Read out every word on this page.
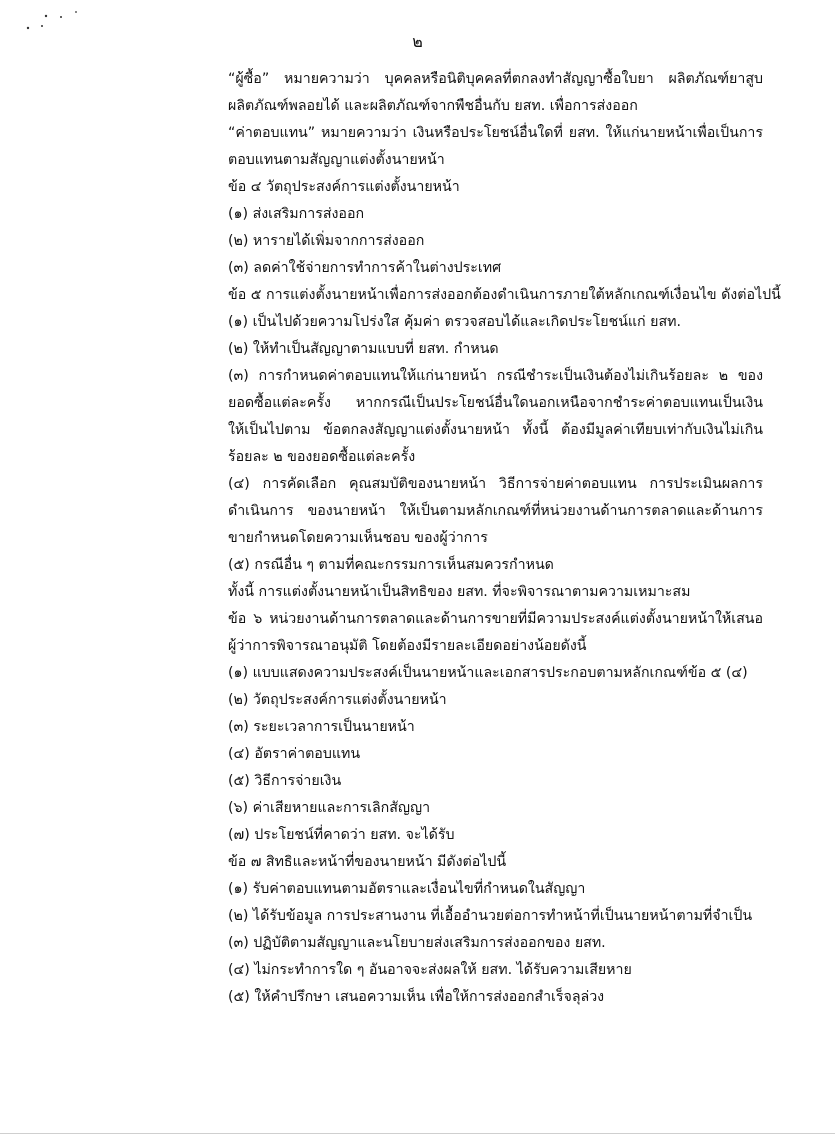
๒
“ผู้ซื้อ” หมายความว่า บุคคลหรือนิติบุคคลที่ตกลงทำสัญญาซื้อใบยา ผลิตภัณฑ์ยาสูบ ผลิตภัณฑ์พลอยได้ และผลิตภัณฑ์จากพืชอื่นกับ ยสท. เพื่อการส่งออก
“ค่าตอบแทน” หมายความว่า เงินหรือประโยชน์อื่นใดที่ ยสท. ให้แก่นายหน้าเพื่อเป็นการ ตอบแทนตามสัญญาแต่งตั้งนายหน้า
ข้อ ๔ วัตถุประสงค์การแต่งตั้งนายหน้า
(๑) ส่งเสริมการส่งออก
(๒) หารายได้เพิ่มจากการส่งออก
(๓) ลดค่าใช้จ่ายการทำการค้าในต่างประเทศ
ข้อ ๕ การแต่งตั้งนายหน้าเพื่อการส่งออกต้องดำเนินการภายใต้หลักเกณฑ์เงื่อนไข ดังต่อไปนี้
(๑) เป็นไปด้วยความโปร่งใส คุ้มค่า ตรวจสอบได้และเกิดประโยชน์แก่ ยสท.
(๒) ให้ทำเป็นสัญญาตามแบบที่ ยสท. กำหนด
(๓) การกำหนดค่าตอบแทนให้แก่นายหน้า กรณีชำระเป็นเงินต้องไม่เกินร้อยละ ๒ ของยอดซื้อแต่ละครั้ง หากกรณีเป็นประโยชน์อื่นใดนอกเหนือจากชำระค่าตอบแทนเป็นเงิน ให้เป็นไปตาม ข้อตกลงสัญญาแต่งตั้งนายหน้า ทั้งนี้ ต้องมีมูลค่าเทียบเท่ากับเงินไม่เกินร้อยละ ๒ ของยอดซื้อแต่ละครั้ง
(๔) การคัดเลือก คุณสมบัติของนายหน้า วิธีการจ่ายค่าตอบแทน การประเมินผลการดำเนินการ ของนายหน้า ให้เป็นตามหลักเกณฑ์ที่หน่วยงานด้านการตลาดและด้านการขายกำหนดโดยความเห็นชอบ ของผู้ว่าการ
(๕) กรณีอื่น ๆ ตามที่คณะกรรมการเห็นสมควรกำหนด
ทั้งนี้ การแต่งตั้งนายหน้าเป็นสิทธิของ ยสท. ที่จะพิจารณาตามความเหมาะสม
ข้อ ๖ หน่วยงานด้านการตลาดและด้านการขายที่มีความประสงค์แต่งตั้งนายหน้าให้เสนอ ผู้ว่าการพิจารณาอนุมัติ โดยต้องมีรายละเอียดอย่างน้อยดังนี้
(๑) แบบแสดงความประสงค์เป็นนายหน้าและเอกสารประกอบตามหลักเกณฑ์ข้อ ๕ (๔)
(๒) วัตถุประสงค์การแต่งตั้งนายหน้า
(๓) ระยะเวลาการเป็นนายหน้า
(๔) อัตราค่าตอบแทน
(๕) วิธีการจ่ายเงิน
(๖) ค่าเสียหายและการเลิกสัญญา
(๗) ประโยชน์ที่คาดว่า ยสท. จะได้รับ
ข้อ ๗ สิทธิและหน้าที่ของนายหน้า มีดังต่อไปนี้
(๑) รับค่าตอบแทนตามอัตราและเงื่อนไขที่กำหนดในสัญญา
(๒) ได้รับข้อมูล การประสานงาน ที่เอื้ออำนวยต่อการทำหน้าที่เป็นนายหน้าตามที่จำเป็น
(๓) ปฏิบัติตามสัญญาและนโยบายส่งเสริมการส่งออกของ ยสท.
(๔) ไม่กระทำการใด ๆ อันอาจจะส่งผลให้ ยสท. ได้รับความเสียหาย
(๕) ให้คำปรึกษา เสนอความเห็น เพื่อให้การส่งออกสำเร็จลุล่วง
